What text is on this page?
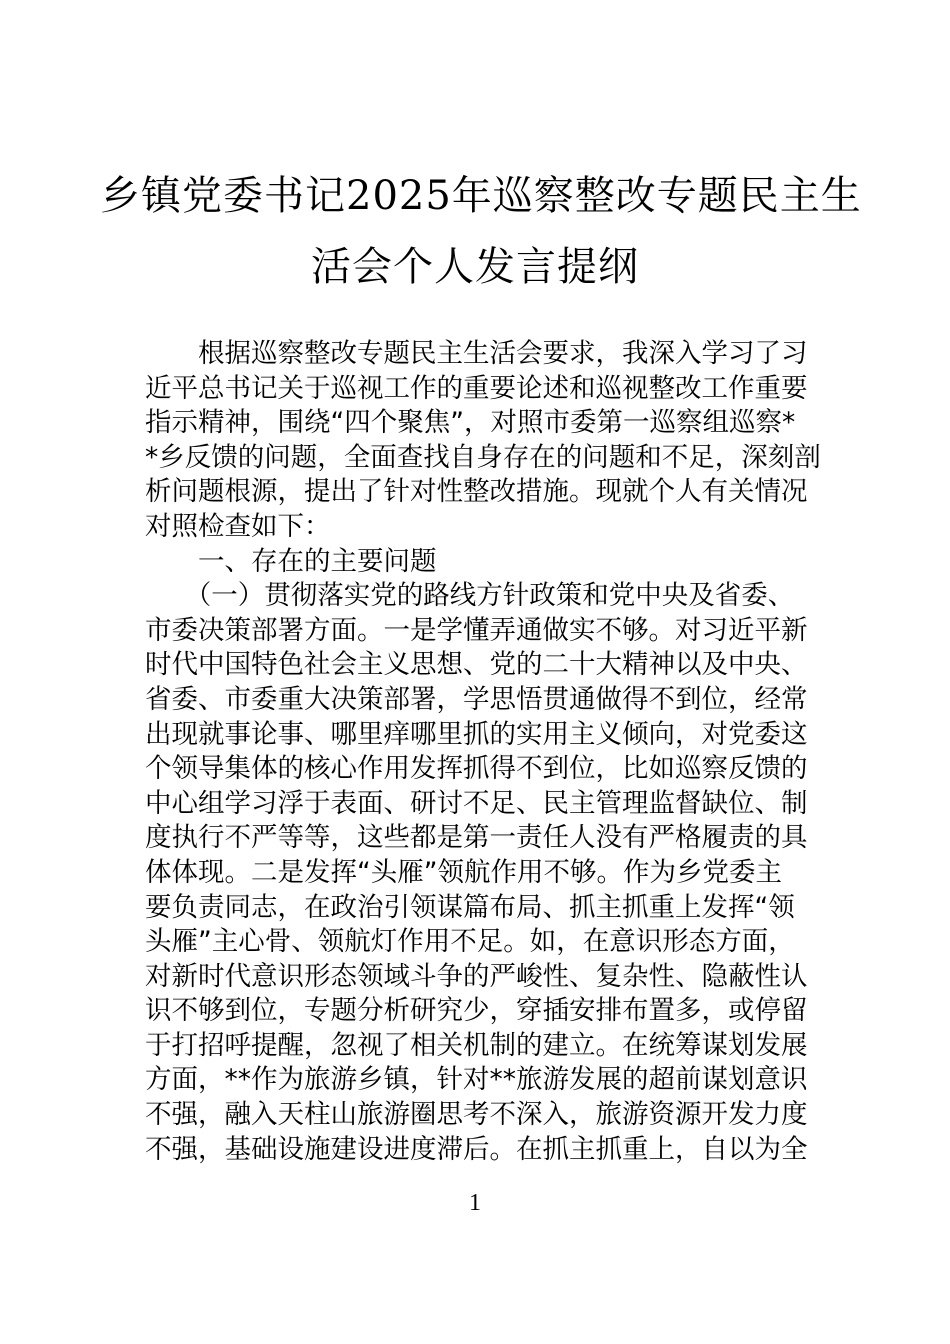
乡镇党委书记2025年巡察整改专题民主生
活会个人发言提纲
　　根据巡察整改专题民主生活会要求，我深入学习了习
近平总书记关于巡视工作的重要论述和巡视整改工作重要
指示精神，围绕“四个聚焦”，对照市委第一巡察组巡察*
*乡反馈的问题，全面查找自身存在的问题和不足，深刻剖
析问题根源，提出了针对性整改措施。现就个人有关情况
对照检查如下：
　　一、存在的主要问题
　　（一）贯彻落实党的路线方针政策和党中央及省委、
市委决策部署方面。一是学懂弄通做实不够。对习近平新
时代中国特色社会主义思想、党的二十大精神以及中央、
省委、市委重大决策部署，学思悟贯通做得不到位，经常
出现就事论事、哪里痒哪里抓的实用主义倾向，对党委这
个领导集体的核心作用发挥抓得不到位，比如巡察反馈的
中心组学习浮于表面、研讨不足、民主管理监督缺位、制
度执行不严等等，这些都是第一责任人没有严格履责的具
体体现。二是发挥“头雁”领航作用不够。作为乡党委主
要负责同志，在政治引领谋篇布局、抓主抓重上发挥“领
头雁”主心骨、领航灯作用不足。如，在意识形态方面，
对新时代意识形态领域斗争的严峻性、复杂性、隐蔽性认
识不够到位，专题分析研究少，穿插安排布置多，或停留
于打招呼提醒，忽视了相关机制的建立。在统筹谋划发展
方面，**作为旅游乡镇，针对**旅游发展的超前谋划意识
不强，融入天柱山旅游圈思考不深入，旅游资源开发力度
不强，基础设施建设进度滞后。在抓主抓重上，自以为全
1
